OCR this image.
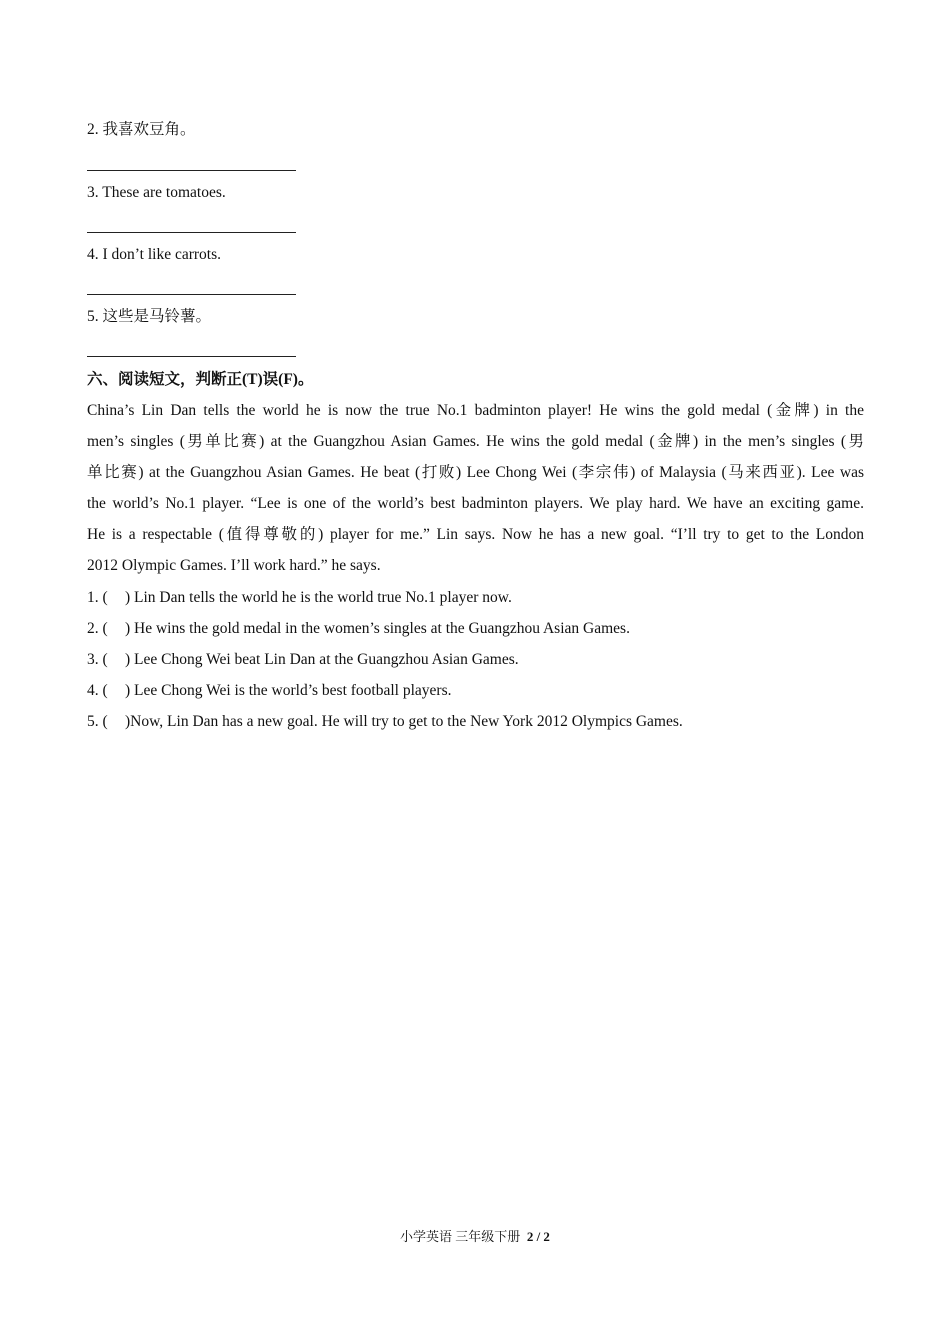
2. 我喜欢豆角。
3. These are tomatoes.
4. I don’t like carrots.
5. 这些是马铃薯。
六、阅读短文，判断正(T)误(F)。
China’s Lin Dan tells the world he is now the true No.1 badminton player! He wins the gold medal (金牌) in the
men’s singles (男单比赛) at the Guangzhou Asian Games. He wins the gold medal (金牌) in the men’s singles (男
单比赛) at the Guangzhou Asian Games. He beat (打败) Lee Chong Wei (李宗伟) of Malaysia (马来西亚). Lee was
the world’s No.1 player. “Lee is one of the world’s best badminton players. We play hard. We have an exciting game.
He is a respectable (值得尊敬的) player for me.” Lin says. Now he has a new goal. “I’ll try to get to the London
2012 Olympic Games. I’ll work hard.” he says.
1. ( ) Lin Dan tells the world he is the world true No.1 player now.
2. ( ) He wins the gold medal in the women’s singles at the Guangzhou Asian Games.
3. ( ) Lee Chong Wei beat Lin Dan at the Guangzhou Asian Games.
4. ( ) Lee Chong Wei is the world’s best football players.
5. ( )Now, Lin Dan has a new goal. He will try to get to the New York 2012 Olympics Games.
小学英语 三年级下册 2 / 2
